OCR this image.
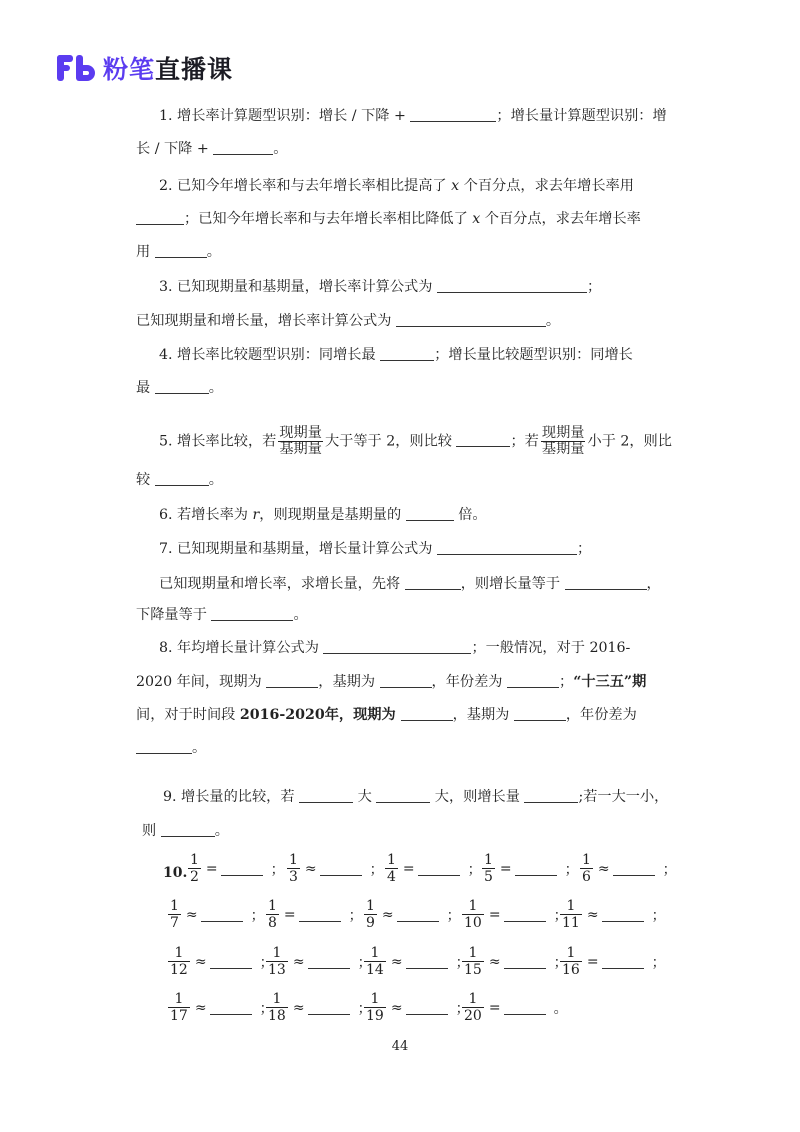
粉笔直播课
1. 增长率计算题型识别：增长 / 下降 +	；增长量计算题型识别：增
长 / 下降 +	。
2. 已知今年增长率和与去年增长率相比提高了 x 个百分点，求去年增长率用
；已知今年增长率和与去年增长率相比降低了 x 个百分点，求去年增长率
用	。
3. 已知现期量和基期量，增长率计算公式为	；
已知现期量和增长量，增长率计算公式为	。
4. 增长率比较题型识别：同增长最	；增长量比较题型识别：同增长
最	。
5. 增长率比较，若 $\frac{\text{现期量}}{\text{基期量}}$ 大于等于 2，则比较	；若 $\frac{\text{现期量}}{\text{基期量}}$ 小于 2，则比
较	。
6. 若增长率为 r，则现期量是基期量的	倍。
7. 已知现期量和基期量，增长量计算公式为	；
已知现期量和增长率，求增长量，先将	，则增长量等于	，
下降量等于	。
8. 年均增长量计算公式为	；一般情况，对于 2016-
2020 年间，现期为	，基期为	，年份差为	；“十三五”期
间，对于时间段 2016-2020年，现期为	，基期为	，年份差为
。
9. 增长量的比较，若	大	大，则增长量	;若一大一小，
则	。
10. $\frac{1}{2}$ =	； $\frac{1}{3}$ ≈	； $\frac{1}{4}$ =	； $\frac{1}{5}$ =	； $\frac{1}{6}$ ≈	；
$\frac{1}{7}$ ≈	； $\frac{1}{8}$ =	； $\frac{1}{9}$ ≈	； $\frac{1}{10}$ =	；
$\frac{1}{11}$ ≈	；
$\frac{1}{12}$ ≈	；
$\frac{1}{13}$ ≈	；
$\frac{1}{14}$ ≈	；
$\frac{1}{15}$ ≈	；
$\frac{1}{16}$ =	；
$\frac{1}{17}$ ≈	；
$\frac{1}{18}$ ≈	；
$\frac{1}{19}$ ≈	；
$\frac{1}{20}$ =	。
44
